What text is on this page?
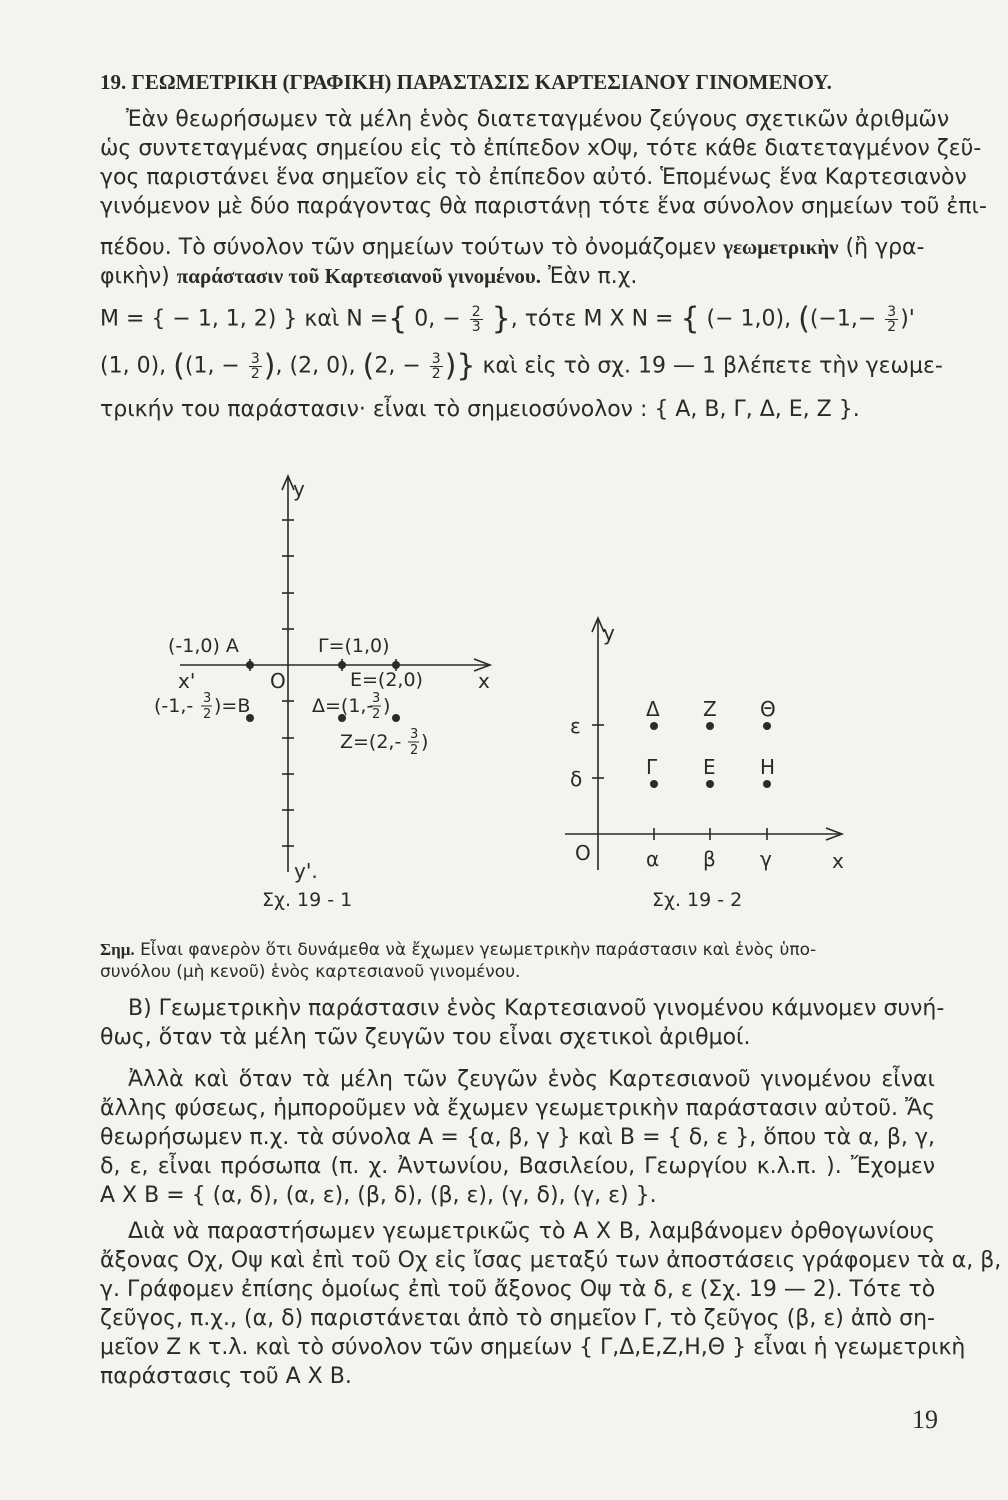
19. ΓΕΩΜΕΤΡΙΚΗ (ΓΡΑΦΙΚΗ) ΠΑΡΑΣΤΑΣΙΣ ΚΑΡΤΕΣΙΑΝΟΥ ΓΙΝΟΜΕΝΟΥ.
Ἐὰν θεωρήσωμεν τὰ μέλη ἑνὸς διατεταγμένου ζεύγους σχετικῶν ἀριθμῶν
ὡς συντεταγμένας σημείου εἰς τὸ ἐπίπεδον xOψ, τότε κάθε διατεταγμένον ζεῦ-
γος παριστάνει ἕνα σημεῖον εἰς τὸ ἐπίπεδον αὐτό. Ἑπομένως ἕνα Καρτεσιανὸν
γινόμενον μὲ δύο παράγοντας θὰ παριστάνῃ τότε ἕνα σύνολον σημείων τοῦ ἐπι-
πέδου. Τὸ σύνολον τῶν σημείων τούτων τὸ ὀνομάζομεν γεωμετρικὴν (ἢ γρα-
φικὴν) παράστασιν τοῦ Καρτεσιανοῦ γινομένου. Ἐὰν π.χ.
M = { − 1, 1, 2) } καὶ N ={ 0, − $\frac{2}{3}$ }, τότε M X N = { (− 1,0), (($-1,- \frac{3}{2}$ )'
(1, 0), ((1, − $\frac{3}{2}$ ), (2, 0), (2, − $\frac{3}{2}$ )} καὶ εἰς τὸ σχ. 19 — 1 βλέπετε τὴν γεωμε-
τρικήν του παράστασιν· εἶναι τὸ σημειοσύνολον : { A, B, Γ, Δ, E, Z }.
y
y'.
x
x'	O
(-1,0) A	Γ=(1,0)
E=(2,0)
(-1,- 3
2 )=B	Δ=(1,-
3
2 )
Z=(2,- 3
2 )
Σχ. 19 - 1
y
x
O
ε
δ
α β γ
Δ Z Θ
Γ E H
Σχ. 19 - 2
Σημ. Εἶναι φανερὸν ὅτι δυνάμεθα νὰ ἔχωμεν γεωμετρικὴν παράστασιν καὶ ἑνὸς ὑπο-
συνόλου (μὴ κενοῦ) ἑνὸς καρτεσιανοῦ γινομένου.
B) Γεωμετρικὴν παράστασιν ἑνὸς Καρτεσιανοῦ γινομένου κάμνομεν συνή-
θως, ὅταν τὰ μέλη τῶν ζευγῶν του εἶναι σχετικοὶ ἀριθμοί.
Ἀλλὰ καὶ ὅταν τὰ μέλη τῶν ζευγῶν ἑνὸς Καρτεσιανοῦ γινομένου εἶναι
ἄλλης φύσεως, ἠμποροῦμεν νὰ ἔχωμεν γεωμετρικὴν παράστασιν αὐτοῦ. Ἄς
θεωρήσωμεν π.χ. τὰ σύνολα A = {α, β, γ } καὶ B = { δ, ε }, ὅπου τὰ α, β, γ,
δ, ε, εἶναι πρόσωπα (π. χ. Ἀντωνίου, Βασιλείου, Γεωργίου κ.λ.π. ). Ἔχομεν
A X B = { (α, δ), (α, ε), (β, δ), (β, ε), (γ, δ), (γ, ε) }.
Διὰ νὰ παραστήσωμεν γεωμετρικῶς τὸ A X B, λαμβάνομεν ὀρθογωνίους
ἄξονας Oχ, Oψ καὶ ἐπὶ τοῦ Oχ εἰς ἴσας μεταξύ των ἀποστάσεις γράφομεν τὰ α, β,
γ. Γράφομεν ἐπίσης ὁμοίως ἐπὶ τοῦ ἄξονος Oψ τὰ δ, ε (Σχ. 19 — 2). Τότε τὸ
ζεῦγος, π.χ., (α, δ) παριστάνεται ἀπὸ τὸ σημεῖον Γ, τὸ ζεῦγος (β, ε) ἀπὸ ση-
μεῖον Z κ τ.λ. καὶ τὸ σύνολον τῶν σημείων { Γ,Δ,E,Z,H,Θ } εἶναι ἡ γεωμετρικὴ
παράστασις τοῦ A X B.
19
